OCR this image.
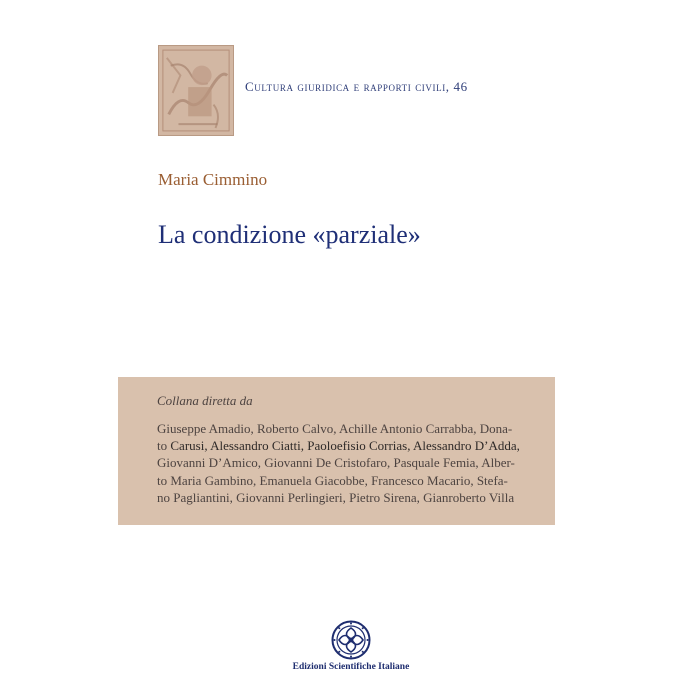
Cultura giuridica e rapporti civili, 46
Maria Cimmino
La condizione «parziale»
Collana diretta da
Giuseppe Amadio, Roberto Calvo, Achille Antonio Carrabba, Dona-
to Carusi, Alessandro Ciatti, Paoloefisio Corrias, Alessandro D’Adda,
Giovanni D’Amico, Giovanni De Cristofaro, Pasquale Femia, Alber-
to Maria Gambino, Emanuela Giacobbe, Francesco Macario, Stefa-
no Pagliantini, Giovanni Perlingieri, Pietro Sirena, Gianroberto Villa
Edizioni Scientifiche Italiane
